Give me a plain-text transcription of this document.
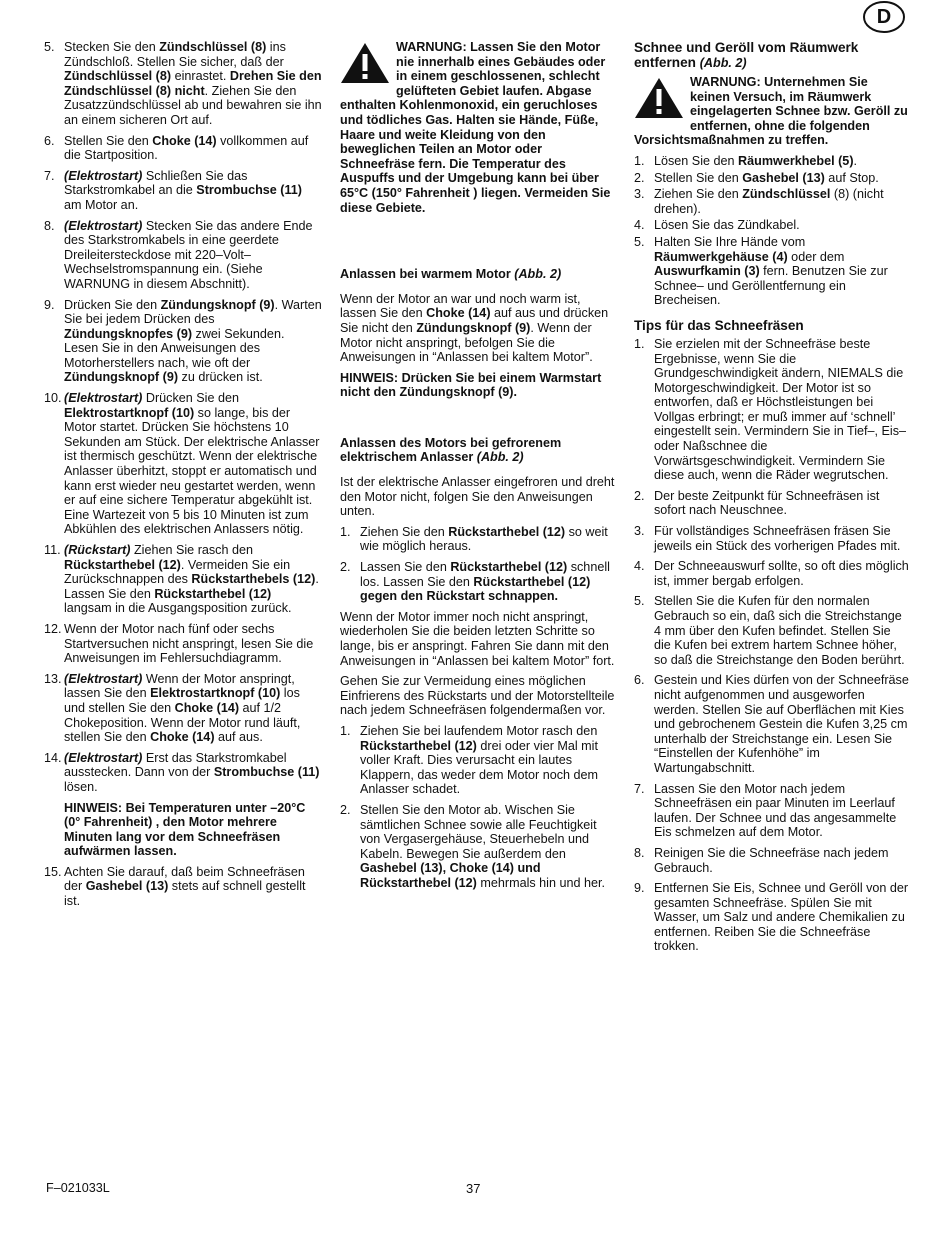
D
5. Stecken Sie den Zündschlüssel (8) ins Zündschloß. Stellen Sie sicher, daß der Zündschlüssel (8) einrastet. Drehen Sie den Zündschlüssel (8) nicht. Ziehen Sie den Zusatzzündschlüssel ab und bewahren sie ihn an einem sicheren Ort auf.
6. Stellen Sie den Choke (14) vollkommen auf die Startposition.
7. (Elektrostart) Schließen Sie das Starkstromkabel an die Strombuchse (11) am Motor an.
8. (Elektrostart) Stecken Sie das andere Ende des Starkstromkabels in eine geerdete Dreileitersteckdose mit 220–Volt–Wechselstromspannung ein. (Siehe WARNUNG in diesem Abschnitt).
9. Drücken Sie den Zündungsknopf (9). Warten Sie bei jedem Drücken des Zündungsknopfes (9) zwei Sekunden. Lesen Sie in den Anweisungen des Motorherstellers nach, wie oft der Zündungsknopf (9) zu drücken ist.
10. (Elektrostart) Drücken Sie den Elektrostartknopf (10) so lange, bis der Motor startet. Drücken Sie höchstens 10 Sekunden am Stück. Der elektrische Anlasser ist thermisch geschützt. Wenn der elektrische Anlasser überhitzt, stoppt er automatisch und kann erst wieder neu gestartet werden, wenn er auf eine sichere Temperatur abgekühlt ist. Eine Wartezeit von 5 bis 10 Minuten ist zum Abkühlen des elektrischen Anlassers nötig.
11. (Rückstart) Ziehen Sie rasch den Rückstarthebel (12). Vermeiden Sie ein Zurückschnappen des Rückstarthebels (12). Lassen Sie den Rückstarthebel (12) langsam in die Ausgangsposition zurück.
12. Wenn der Motor nach fünf oder sechs Startversuchen nicht anspringt, lesen Sie die Anweisungen im Fehlersuchdiagramm.
13. (Elektrostart) Wenn der Motor anspringt, lassen Sie den Elektrostartknopf (10) los und stellen Sie den Choke (14) auf 1/2 Chokeposition. Wenn der Motor rund läuft, stellen Sie den Choke (14) auf aus.
14. (Elektrostart) Erst das Starkstromkabel ausstecken. Dann von der Strombuchse (11) lösen.

HINWEIS: Bei Temperaturen unter –20°C (0° Fahrenheit) , den Motor mehrere Minuten lang vor dem Schneefräsen aufwärmen lassen.

15. Achten Sie darauf, daß beim Schneefräsen der Gashebel (13) stets auf schnell gestellt ist.
WARNUNG: Lassen Sie den Motor nie innerhalb eines Gebäudes oder in einem geschlossenen, schlecht gelüfteten Gebiet laufen. Abgase enthalten Kohlenmonoxid, ein geruchloses und tödliches Gas. Halten sie Hände, Füße, Haare und weite Kleidung von den beweglichen Teilen an Motor oder Schneefräse fern. Die Temperatur des Auspuffs und der Umgebung kann bei über 65°C (150° Fahrenheit ) liegen. Vermeiden Sie diese Gebiete.

Anlassen bei warmem Motor (Abb. 2)

Wenn der Motor an war und noch warm ist, lassen Sie den Choke (14) auf aus und drücken Sie nicht den Zündungsknopf (9). Wenn der Motor nicht anspringt, befolgen Sie die Anweisungen in “Anlassen bei kaltem Motor”.

HINWEIS: Drücken Sie bei einem Warmstart nicht den Zündungsknopf (9).

Anlassen des Motors bei gefrorenem elektrischem Anlasser (Abb. 2)

Ist der elektrische Anlasser eingefroren und dreht den Motor nicht, folgen Sie den Anweisungen unten.

1. Ziehen Sie den Rückstarthebel (12) so weit wie möglich heraus.
2. Lassen Sie den Rückstarthebel (12) schnell los. Lassen Sie den Rückstarthebel (12) gegen den Rückstart schnappen.

Wenn der Motor immer noch nicht anspringt, wiederholen Sie die beiden letzten Schritte so lange, bis er anspringt. Fahren Sie dann mit den Anweisungen in “Anlassen bei kaltem Motor” fort.

Gehen Sie zur Vermeidung eines möglichen Einfrierens des Rückstarts und der Motorstellteile nach jedem Schneefräsen folgendermaßen vor.

1. Ziehen Sie bei laufendem Motor rasch den Rückstarthebel (12) drei oder vier Mal mit voller Kraft. Dies verursacht ein lautes Klappern, das weder dem Motor noch dem Anlasser schadet.
2. Stellen Sie den Motor ab. Wischen Sie sämtlichen Schnee sowie alle Feuchtigkeit von Vergasergehäuse, Steuerhebeln und Kabeln. Bewegen Sie außerdem den Gashebel (13), Choke (14) und Rückstarthebel (12) mehrmals hin und her.

Schnee und Geröll vom Räumwerk entfernen (Abb. 2)

WARNUNG: Unternehmen Sie keinen Versuch, im Räumwerk eingelagerten Schnee bzw. Geröll zu entfernen, ohne die folgenden Vorsichtsmaßnahmen zu treffen.
1. Lösen Sie den Räumwerkhebel (5).
2. Stellen Sie den Gashebel (13) auf Stop.
3. Ziehen Sie den Zündschlüssel (8) (nicht drehen).
4. Lösen Sie das Zündkabel.
5. Halten Sie Ihre Hände vom Räumwerkgehäuse (4) oder dem Auswurfkamin (3) fern. Benutzen Sie zur Schnee– und Geröllentfernung ein Brecheisen.

Tips für das Schneefräsen

1. Sie erzielen mit der Schneefräse beste Ergebnisse, wenn Sie die Grundgeschwindigkeit ändern, NIEMALS die Motorgeschwindigkeit. Der Motor ist so entworfen, daß er Höchstleistungen bei Vollgas erbringt; er muß immer auf ‘schnell’ eingestellt sein. Vermindern Sie in Tief–, Eis– oder Naßschnee die Vorwärtsgeschwindigkeit. Vermindern Sie diese auch, wenn die Räder wegrutschen.
2. Der beste Zeitpunkt für Schneefräsen ist sofort nach Neuschnee.
3. Für vollständiges Schneefräsen fräsen Sie jeweils ein Stück des vorherigen Pfades mit.
4. Der Schneeauswurf sollte, so oft dies möglich ist, immer bergab erfolgen.
5. Stellen Sie die Kufen für den normalen Gebrauch so ein, daß sich die Streichstange 4 mm über den Kufen befindet. Stellen Sie die Kufen bei extrem hartem Schnee höher, so daß die Streichstange den Boden berührt.
6. Gestein und Kies dürfen von der Schneefräse nicht aufgenommen und ausgeworfen werden. Stellen Sie auf Oberflächen mit Kies und gebrochenem Gestein die Kufen 3,25 cm unterhalb der Streichstange ein. Lesen Sie “Einstellen der Kufenhöhe” im Wartungabschnitt.
7. Lassen Sie den Motor nach jedem Schneefräsen ein paar Minuten im Leerlauf laufen. Der Schnee und das angesammelte Eis schmelzen auf dem Motor.
8. Reinigen Sie die Schneefräse nach jedem Gebrauch.
9. Entfernen Sie Eis, Schnee und Geröll von der gesamten Schneefräse. Spülen Sie mit Wasser, um Salz und andere Chemikalien zu entfernen. Reiben Sie die Schneefräse trokken.
F–021033L	37
